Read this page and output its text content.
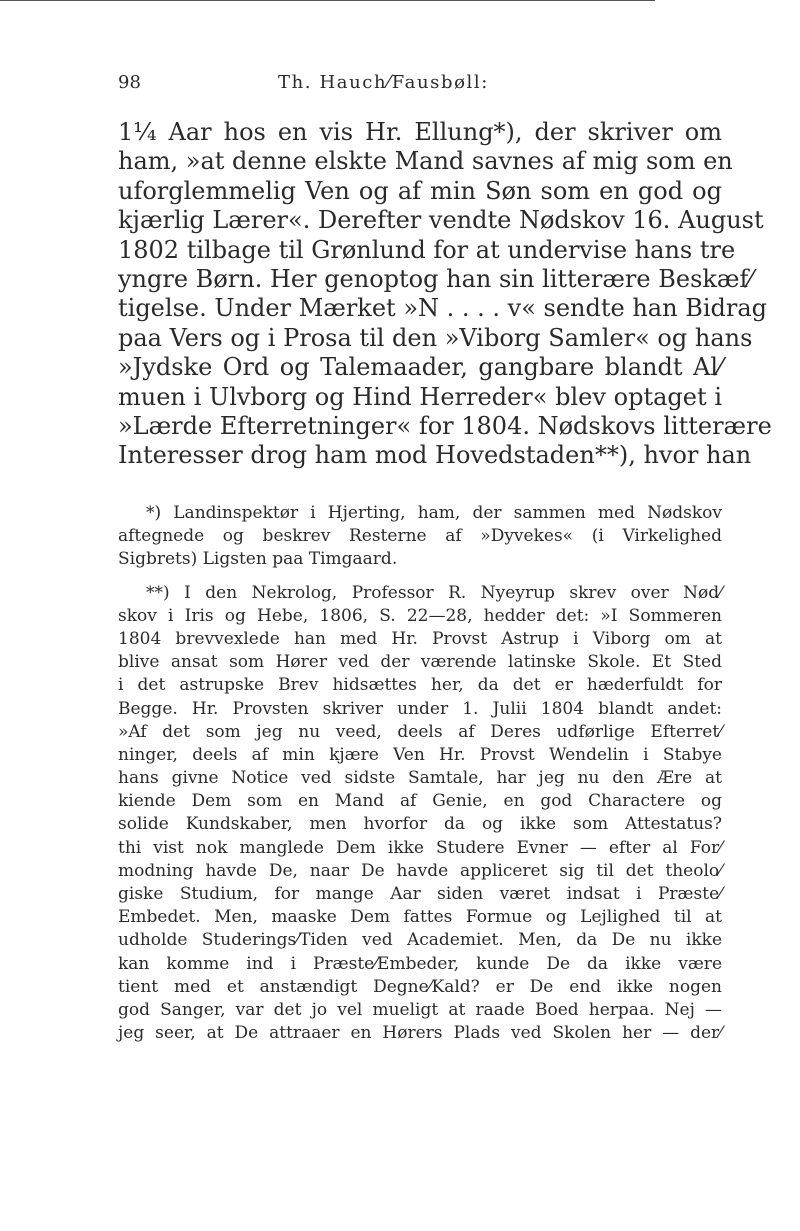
98	Th. Hauch⁄Fausbøll:
1¼ Aar hos en vis Hr. Ellung*), der skriver om
ham, »at denne elskte Mand savnes af mig som en
uforglemmelig Ven og af min Søn som en god og
kjærlig Lærer«. Derefter vendte Nødskov 16. August
1802 tilbage til Grønlund for at undervise hans tre
yngre Børn. Her genoptog han sin litterære Beskæf⁄
tigelse. Under Mærket »N . . . . v« sendte han Bidrag
paa Vers og i Prosa til den »Viborg Samler« og hans
»Jydske Ord og Talemaader, gangbare blandt Al⁄
muen i Ulvborg og Hind Herreder« blev optaget i
»Lærde Efterretninger« for 1804. Nødskovs litterære
Interesser drog ham mod Hovedstaden**), hvor han
*) Landinspektør i Hjerting, ham, der sammen med Nødskov
aftegnede og beskrev Resterne af »Dyvekes« (i Virkelighed
Sigbrets) Ligsten paa Timgaard.
**) I den Nekrolog, Professor R. Nyeyrup skrev over Nød⁄
skov i Iris og Hebe, 1806, S. 22—28, hedder det: »I Sommeren
1804 brevvexlede han med Hr. Provst Astrup i Viborg om at
blive ansat som Hører ved der værende latinske Skole. Et Sted
i det astrupske Brev hidsættes her, da det er hæderfuldt for
Begge. Hr. Provsten skriver under 1. Julii 1804 blandt andet:
»Af det som jeg nu veed, deels af Deres udførlige Efterret⁄
ninger, deels af min kjære Ven Hr. Provst Wendelin i Stabye
hans givne Notice ved sidste Samtale, har jeg nu den Ære at
kiende Dem som en Mand af Genie, en god Charactere og
solide Kundskaber, men hvorfor da og ikke som Attestatus?
thi vist nok manglede Dem ikke Studere Evner — efter al For⁄
modning havde De, naar De havde appliceret sig til det theolo⁄
giske Studium, for mange Aar siden været indsat i Præste⁄
Embedet. Men, maaske Dem fattes Formue og Lejlighed til at
udholde Studerings⁄Tiden ved Academiet. Men, da De nu ikke
kan komme ind i Præste⁄Embeder, kunde De da ikke være
tient med et anstændigt Degne⁄Kald? er De end ikke nogen
god Sanger, var det jo vel mueligt at raade Boed herpaa. Nej —
jeg seer, at De attraaer en Hørers Plads ved Skolen her — der⁄
